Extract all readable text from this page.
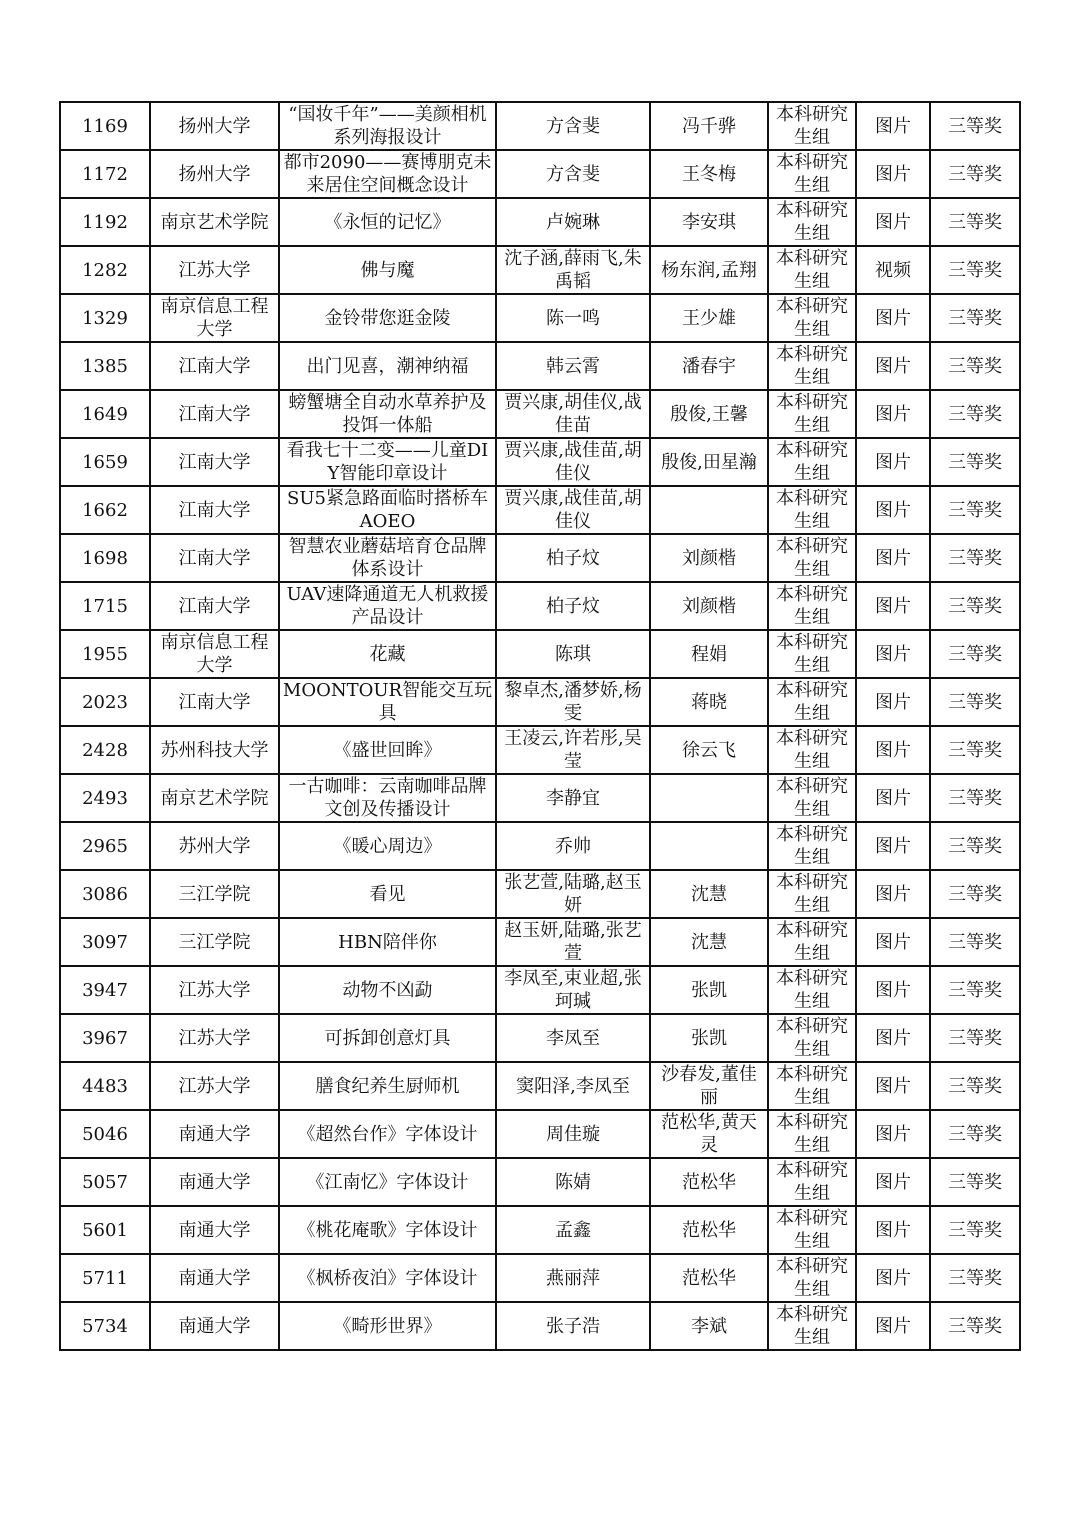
1169	扬州大学	“国妆千年”——美颜相机系列海报设计	方含斐	冯千骅	本科研究生组	图片	三等奖
1172	扬州大学	都市2090——赛博朋克未来居住空间概念设计	方含斐	王冬梅	本科研究生组	图片	三等奖
1192	南京艺术学院	《永恒的记忆》	卢婉琳	李安琪	本科研究生组	图片	三等奖
1282	江苏大学	佛与魔	沈子涵,薛雨飞,朱禹韬	杨东润,孟翔	本科研究生组	视频	三等奖
1329	南京信息工程大学	金铃带您逛金陵	陈一鸣	王少雄	本科研究生组	图片	三等奖
1385	江南大学	出门见喜，潮神纳福	韩云霄	潘春宇	本科研究生组	图片	三等奖
1649	江南大学	螃蟹塘全自动水草养护及投饵一体船	贾兴康,胡佳仪,战佳苗	殷俊,王馨	本科研究生组	图片	三等奖
1659	江南大学	看我七十二变——儿童DIY智能印章设计	贾兴康,战佳苗,胡佳仪	殷俊,田星瀚	本科研究生组	图片	三等奖
1662	江南大学	SU5紧急路面临时搭桥车AOEO	贾兴康,战佳苗,胡佳仪		本科研究生组	图片	三等奖
1698	江南大学	智慧农业蘑菇培育仓品牌体系设计	柏子炆	刘颜楷	本科研究生组	图片	三等奖
1715	江南大学	UAV速降通道无人机救援产品设计	柏子炆	刘颜楷	本科研究生组	图片	三等奖
1955	南京信息工程大学	花藏	陈琪	程娟	本科研究生组	图片	三等奖
2023	江南大学	MOONTOUR智能交互玩具	黎卓杰,潘梦娇,杨雯	蒋晓	本科研究生组	图片	三等奖
2428	苏州科技大学	《盛世回眸》	王凌云,许若彤,吴莹	徐云飞	本科研究生组	图片	三等奖
2493	南京艺术学院	一古咖啡：云南咖啡品牌文创及传播设计	李静宜		本科研究生组	图片	三等奖
2965	苏州大学	《暖心周边》	乔帅		本科研究生组	图片	三等奖
3086	三江学院	看见	张艺萱,陆璐,赵玉妍	沈慧	本科研究生组	图片	三等奖
3097	三江学院	HBN陪伴你	赵玉妍,陆璐,张艺萱	沈慧	本科研究生组	图片	三等奖
3947	江苏大学	动物不凶勐	李凤至,束业超,张珂瑊	张凯	本科研究生组	图片	三等奖
3967	江苏大学	可拆卸创意灯具	李凤至	张凯	本科研究生组	图片	三等奖
4483	江苏大学	膳食纪养生厨师机	窦阳泽,李凤至	沙春发,董佳丽	本科研究生组	图片	三等奖
5046	南通大学	《超然台作》字体设计	周佳璇	范松华,黄天灵	本科研究生组	图片	三等奖
5057	南通大学	《江南忆》字体设计	陈婧	范松华	本科研究生组	图片	三等奖
5601	南通大学	《桃花庵歌》字体设计	孟鑫	范松华	本科研究生组	图片	三等奖
5711	南通大学	《枫桥夜泊》字体设计	燕丽萍	范松华	本科研究生组	图片	三等奖
5734	南通大学	《畸形世界》	张子浩	李斌	本科研究生组	图片	三等奖
